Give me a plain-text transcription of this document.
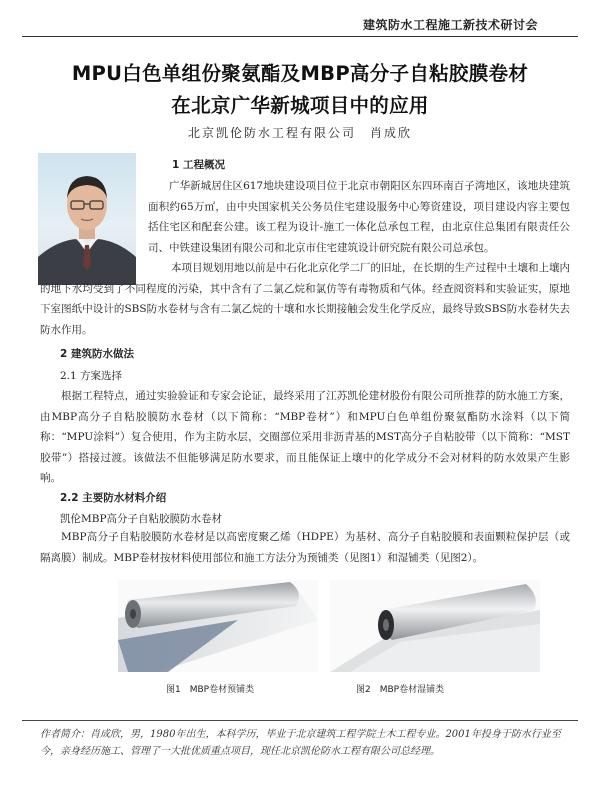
建筑防水工程施工新技术研讨会
MPU白色单组份聚氨酯及MBP高分子自粘胶膜卷材
在北京广华新城项目中的应用
北京凯伦防水工程有限公司　肖成欣
1 工程概况

广华新城居住区617地块建设项目位于北京市朝阳区东四环南百子湾地区，该地块建筑面积约65万㎡，由中央国家机关公务员住宅建设服务中心筹资建设，项目建设内容主要包括住宅区和配套公建。该工程为设计-施工一体化总承包工程，由北京住总集团有限责任公司、中铁建设集团有限公司和北京市住宅建筑设计研究院有限公司总承包。

本项目规划用地以前是中石化北京化学二厂的旧址，在长期的生产过程中土壤和上壤内的地下水均受到了不同程度的污染，其中含有了二氯乙烷和氯仿等有毒物质和气体。经查阅资料和实验证实，原地下室图纸中设计的SBS防水卷材与含有二氯乙烷的十壤和水长期接触会发生化学反应，最终导致SBS防水卷材失去防水作用。

2 建筑防水做法
2.1 方案选择

根据工程特点，通过实验验证和专家会论证，最终采用了江苏凯伦建材股份有限公司所推荐的防水施工方案，由MBP高分子自粘胶膜防水卷材（以下简称：“MBP卷材”）和MPU白色单组份聚氨酯防水涂料（以下简称：“MPU涂料”）复合使用，作为主防水层，交圈部位采用非沥青基的MST高分子自粘胶带（以下简称：“MST胶带”）搭接过渡。该做法不但能够满足防水要求，而且能保证上壤中的化学成分不会对材料的防水效果产生影响。

2.2 主要防水材料介绍
凯伦MBP高分子自粘胶膜防水卷材

MBP高分子自粘胶膜防水卷材是以高密度聚乙烯（HDPE）为基材、高分子自粘胶膜和表面颗粒保护层（或隔离膜）制成。MBP卷材按材料使用部位和施工方法分为预铺类（见图1）和湿铺类（见图2）。

图1　MBP卷材预铺类	图2　MBP卷材湿铺类

作者简介：肖成欣，男，1980年出生，本科学历，毕业于北京建筑工程学院土木工程专业。2001年投身于防水行业至今，亲身经历施工、管理了一大批优质重点项目，现任北京凯伦防水工程有限公司总经理。
